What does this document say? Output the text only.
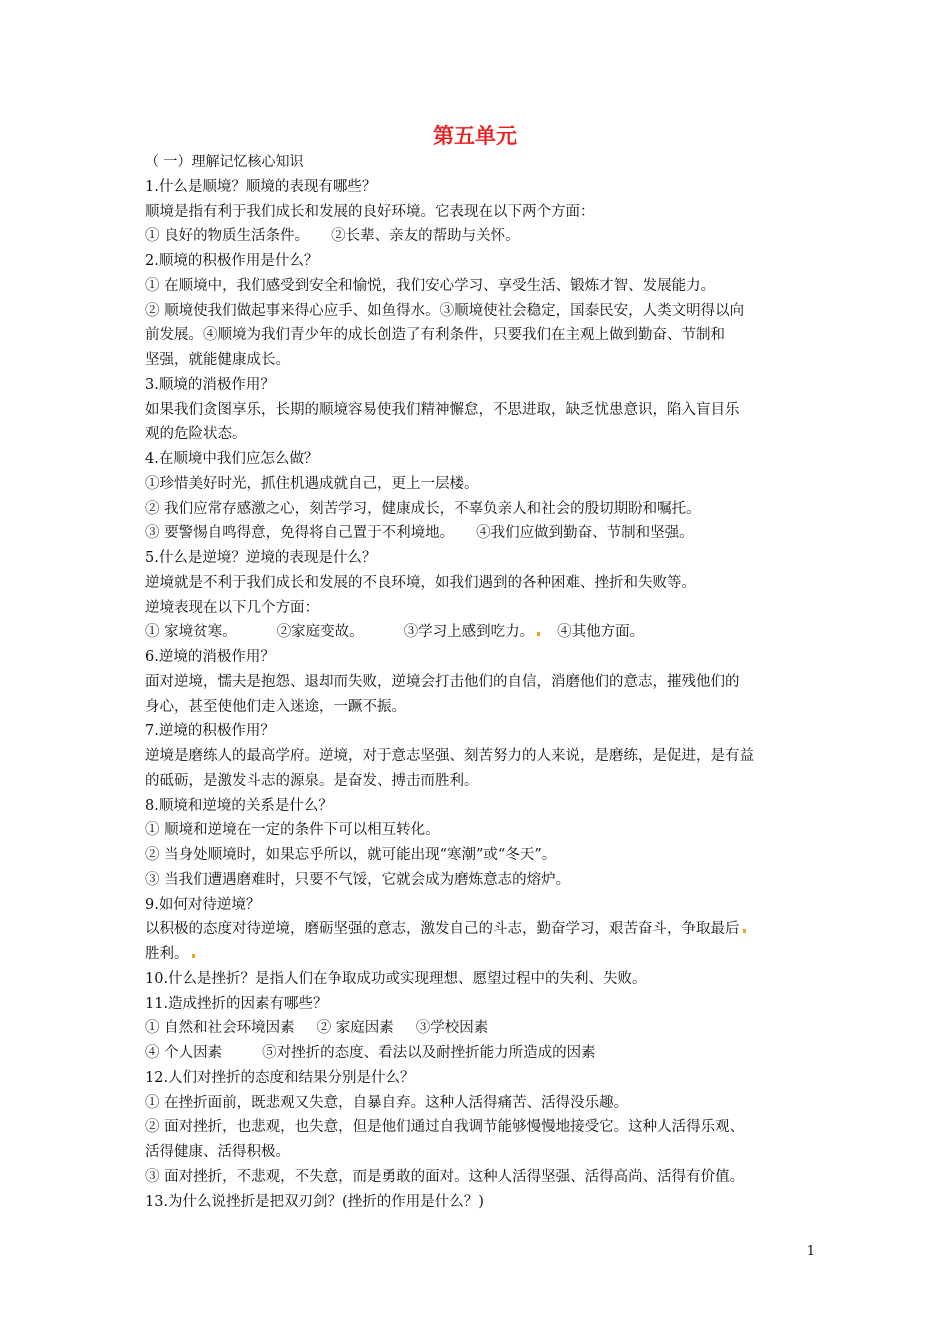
第五单元
（ 一）理解记忆核心知识
1.什么是顺境？顺境的表现有哪些？
顺境是指有利于我们成长和发展的良好环境。它表现在以下两个方面：
① 良好的物质生活条件。 ②长辈、亲友的帮助与关怀。
2.顺境的积极作用是什么？
① 在顺境中，我们感受到安全和愉悦，我们安心学习、享受生活、锻炼才智、发展能力。
② 顺境使我们做起事来得心应手、如鱼得水。③顺境使社会稳定，国泰民安，人类文明得以向
前发展。④顺境为我们青少年的成长创造了有利条件，只要我们在主观上做到勤奋、节制和
坚强，就能健康成长。
3.顺境的消极作用？
如果我们贪图享乐，长期的顺境容易使我们精神懈怠，不思进取，缺乏忧患意识，陷入盲目乐
观的危险状态。
4.在顺境中我们应怎么做？
①珍惜美好时光，抓住机遇成就自己，更上一层楼。
② 我们应常存感激之心，刻苦学习，健康成长，不辜负亲人和社会的殷切期盼和嘱托。
③ 要警惕自鸣得意，免得将自己置于不利境地。 ④我们应做到勤奋、节制和坚强。
5.什么是逆境？逆境的表现是什么？
逆境就是不利于我们成长和发展的不良环境，如我们遇到的各种困难、挫折和失败等。
逆境表现在以下几个方面：
① 家境贫寒。	②家庭变故。	③学习上感到吃力。 ④其他方面。
6.逆境的消极作用？
面对逆境，懦夫是抱怨、退却而失败，逆境会打击他们的自信，消磨他们的意志，摧残他们的
身心，甚至使他们走入迷途，一蹶不振。
7.逆境的积极作用？
逆境是磨练人的最高学府。逆境，对于意志坚强、刻苦努力的人来说，是磨练，是促进，是有益
的砥砺，是激发斗志的源泉。是奋发、搏击而胜利。
8.顺境和逆境的关系是什么？
① 顺境和逆境在一定的条件下可以相互转化。
② 当身处顺境时，如果忘乎所以，就可能出现“寒潮”或“冬天”。
③ 当我们遭遇磨难时，只要不气馁，它就会成为磨炼意志的熔炉。
9.如何对待逆境？
以积极的态度对待逆境，磨砺坚强的意志，激发自己的斗志，勤奋学习，艰苦奋斗，争取最后
胜利。
10.什么是挫折？是指人们在争取成功或实现理想、愿望过程中的失利、失败。
11.造成挫折的因素有哪些？
① 自然和社会环境因素 ② 家庭因素 ③学校因素
④ 个人因素	⑤对挫折的态度、看法以及耐挫折能力所造成的因素
12.人们对挫折的态度和结果分别是什么？
① 在挫折面前，既悲观又失意，自暴自弃。这种人活得痛苦、活得没乐趣。
② 面对挫折，也悲观，也失意，但是他们通过自我调节能够慢慢地接受它。这种人活得乐观、
活得健康、活得积极。
③ 面对挫折，不悲观，不失意，而是勇敢的面对。这种人活得坚强、活得高尚、活得有价值。
13.为什么说挫折是把双刃剑？(挫折的作用是什么？)
1
